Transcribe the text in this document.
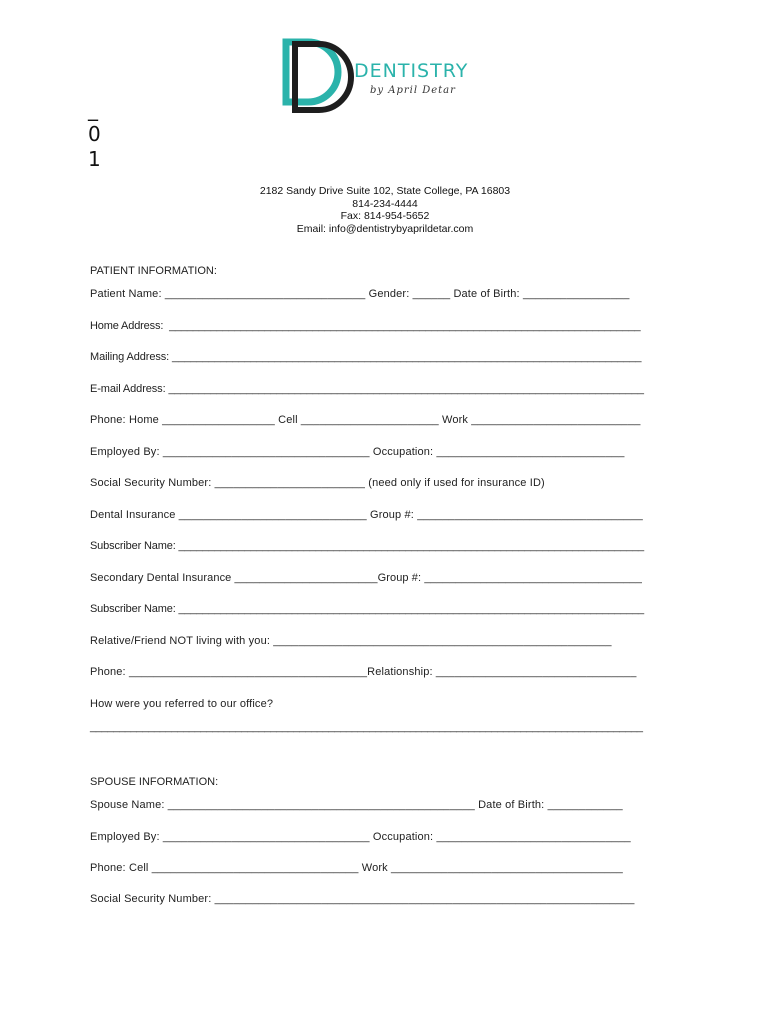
_
0
1
DENTISTRY
by April Detar
2182 Sandy Drive Suite 102, State College, PA 16803
814-234-4444
Fax: 814-954-5652
Email: info@dentistrybyaprildetar.com
PATIENT INFORMATION:
Patient Name: ________________________________ Gender: ______ Date of Birth: _________________
Home Address:  _______________________________________________________________________________
Mailing Address: ______________________________________________________________________________
E-mail Address: _______________________________________________________________________________
Phone: Home __________________ Cell ______________________ Work ___________________________
Employed By: _________________________________ Occupation: ______________________________
Social Security Number: ________________________ (need only if used for insurance ID)
Dental Insurance ______________________________ Group #: ____________________________________
Subscriber Name: ______________________________________________________________________________
Secondary Dental Insurance _______________________Group #: ___________________________________
Subscriber Name: ______________________________________________________________________________
Relative/Friend NOT living with you: ______________________________________________________
Phone: ______________________________________Relationship: ________________________________
How were you referred to our office?
_______________________________________________________________________________________________
SPOUSE INFORMATION:
Spouse Name: _________________________________________________ Date of Birth: ____________
Employed By: _________________________________ Occupation: _______________________________
Phone: Cell _________________________________ Work _____________________________________
Social Security Number: ___________________________________________________________________
